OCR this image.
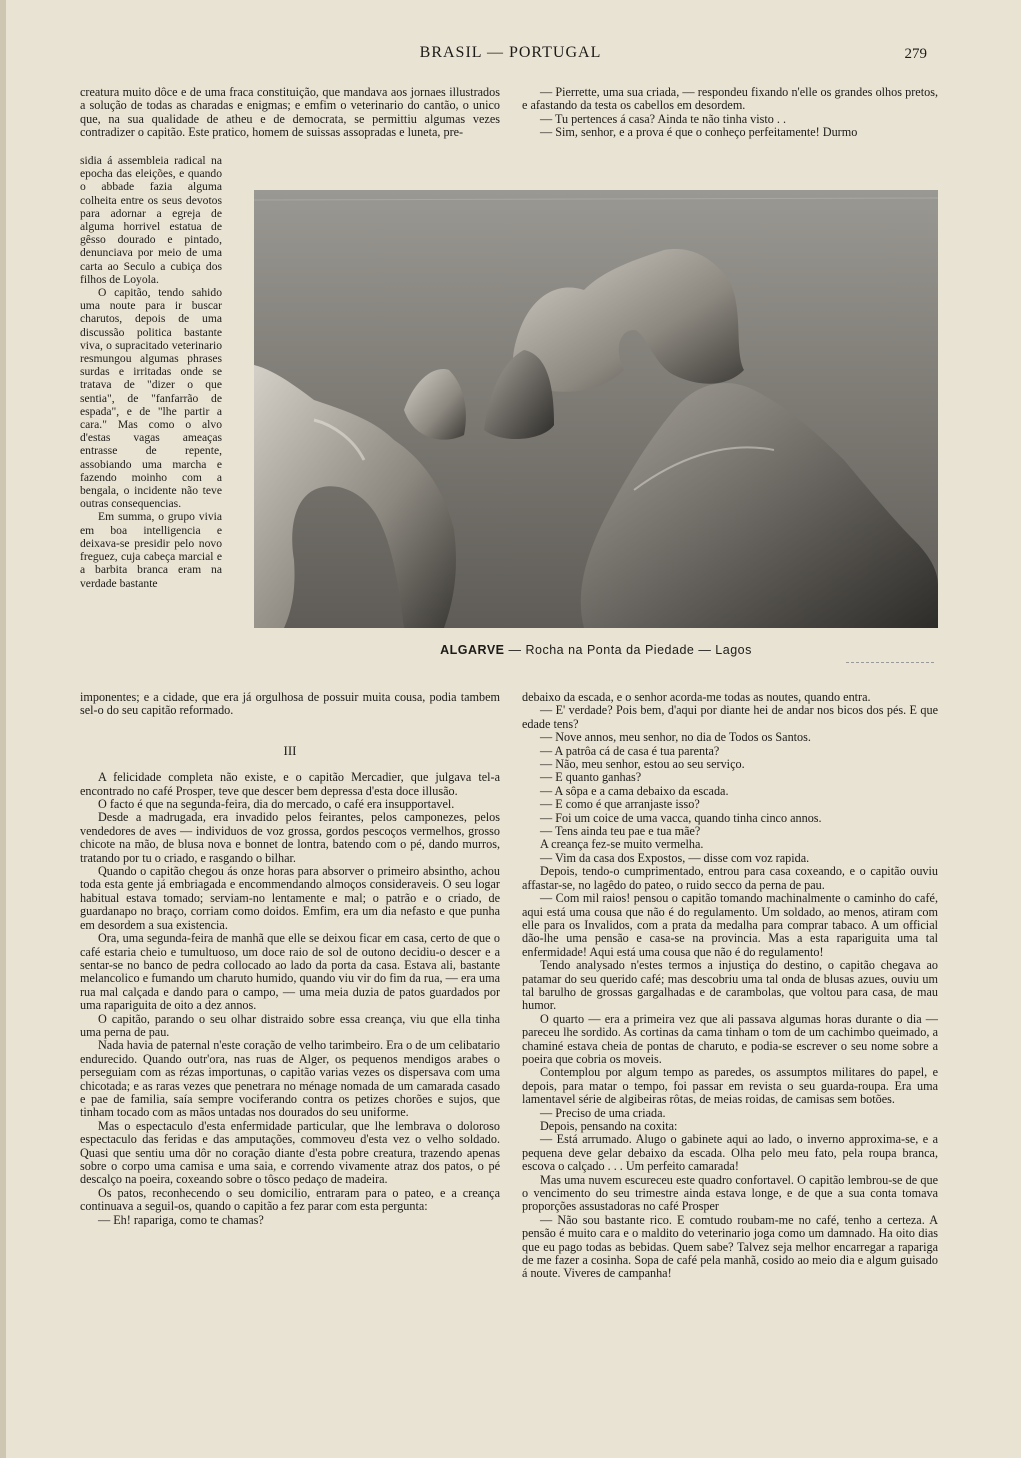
BRASIL — PORTUGAL	279

creatura muito dôce e de uma fraca constituição, que mandava aos jornaes illustrados a solução de todas as charadas e enigmas; e emfim o veterinario do cantão, o unico que, na sua qualidade de atheu e de democrata, se permittiu algumas vezes contradizer o capitão. Este pratico, homem de suissas assopradas e luneta, pre-

sidia á assembleia radical na epocha das eleições, e quando o abbade fazia alguma colheita entre os seus devotos para adornar a egreja de alguma horrivel estatua de gêsso dourado e pintado, denunciava por meio de uma carta ao Seculo a cubiça dos filhos de Loyola.

O capitão, tendo sahido uma noute para ir buscar charutos, depois de uma discussão politica bastante viva, o supracitado veterinario resmungou algumas phrases surdas e irritadas onde se tratava de "dizer o que sentia", de "fanfarrão de espada", e de "lhe partir a cara." Mas como o alvo d'estas vagas ameaças entrasse de repente, assobiando uma marcha e fazendo moinho com a bengala, o incidente não teve outras consequencias.

Em summa, o grupo vivia em boa intelligencia e deixava-se presidir pelo novo freguez, cuja cabeça marcial e a barbita branca eram na verdade bastante

imponentes; e a cidade, que era já orgulhosa de possuir muita cousa, podia tambem sel-o do seu capitão reformado.

III

A felicidade completa não existe, e o capitão Mercadier, que julgava tel-a encontrado no café Prosper, teve que descer bem depressa d'esta doce illusão.

O facto é que na segunda-feira, dia do mercado, o café era insupportavel.

Desde a madrugada, era invadido pelos feirantes, pelos camponezes, pelos vendedores de aves — individuos de voz grossa, gordos pescoços vermelhos, grosso chicote na mão, de blusa nova e bonnet de lontra, batendo com o pé, dando murros, tratando por tu o criado, e rasgando o bilhar.

Quando o capitão chegou ás onze horas para absorver o primeiro absintho, achou toda esta gente já embriagada e encommendando almoços consideraveis. O seu logar habitual estava tomado; serviam-no lentamente e mal; o patrão e o criado, de guardanapo no braço, corriam como doidos. Emfim, era um dia nefasto e que punha em desordem a sua existencia.

Ora, uma segunda-feira de manhã que elle se deixou ficar em casa, certo de que o café estaria cheio e tumultuoso, um doce raio de sol de outono decidiu-o descer e a sentar-se no banco de pedra collocado ao lado da porta da casa. Estava ali, bastante melancolico e fumando um charuto humido, quando viu vir do fim da rua, — era uma rua mal calçada e dando para o campo, — uma meia duzia de patos guardados por uma rapariguita de oito a dez annos.

O capitão, parando o seu olhar distraido sobre essa creança, viu que ella tinha uma perna de pau.

Nada havia de paternal n'este coração de velho tarimbeiro. Era o de um celibatario endurecido. Quando outr'ora, nas ruas de Alger, os pequenos mendigos arabes o perseguiam com as rézas importunas, o capitão varias vezes os dispersava com uma chicotada; e as raras vezes que penetrara no ménage nomada de um camarada casado e pae de familia, saía sempre vociferando contra os petizes chorões e sujos, que tinham tocado com as mãos untadas nos dourados do seu uniforme.

Mas o espectaculo d'esta enfermidade particular, que lhe lembrava o doloroso espectaculo das feridas e das amputações, commoveu d'esta vez o velho soldado. Quasi que sentiu uma dôr no coração diante d'esta pobre creatura, trazendo apenas sobre o corpo uma camisa e uma saia, e correndo vivamente atraz dos patos, o pé descalço na poeira, coxeando sobre o tôsco pedaço de madeira.

Os patos, reconhecendo o seu domicilio, entraram para o pateo, e a creança continuava a seguil-os, quando o capitão a fez parar com esta pergunta:

— Eh! rapariga, como te chamas?

— Pierrette, uma sua criada, — respondeu fixando n'elle os grandes olhos pretos, e afastando da testa os cabellos em desordem.

— Tu pertences á casa? Ainda te não tinha visto . .

— Sim, senhor, e a prova é que o conheço perfeitamente! Durmo

ALGARVE — Rocha na Ponta da Piedade — Lagos

debaixo da escada, e o senhor acorda-me todas as noutes, quando entra.

— E' verdade? Pois bem, d'aqui por diante hei de andar nos bicos dos pés. E que edade tens?

— Nove annos, meu senhor, no dia de Todos os Santos.

— A patrôa cá de casa é tua parenta?

— Não, meu senhor, estou ao seu serviço.

— E quanto ganhas?

— A sôpa e a cama debaixo da escada.

— E como é que arranjaste isso?

— Foi um coice de uma vacca, quando tinha cinco annos.

— Tens ainda teu pae e tua mãe?

A creança fez-se muito vermelha.

— Vim da casa dos Expostos, — disse com voz rapida.

Depois, tendo-o cumprimentado, entrou para casa coxeando, e o capitão ouviu affastar-se, no lagêdo do pateo, o ruido secco da perna de pau.

— Com mil raios! pensou o capitão tomando machinalmente o caminho do café, aqui está uma cousa que não é do regulamento. Um soldado, ao menos, atiram com elle para os Invalidos, com a prata da medalha para comprar tabaco. A um official dão-lhe uma pensão e casa-se na provincia. Mas a esta rapariguita uma tal enfermidade! Aqui está uma cousa que não é do regulamento!

Tendo analysado n'estes termos a injustiça do destino, o capitão chegava ao patamar do seu querido café; mas descobriu uma tal onda de blusas azues, ouviu um tal barulho de grossas gargalhadas e de carambolas, que voltou para casa, de mau humor.

O quarto — era a primeira vez que ali passava algumas horas durante o dia — pareceu lhe sordido. As cortinas da cama tinham o tom de um cachimbo queimado, a chaminé estava cheia de pontas de charuto, e podia-se escrever o seu nome sobre a poeira que cobria os moveis.

Contemplou por algum tempo as paredes, os assumptos militares do papel, e depois, para matar o tempo, foi passar em revista o seu guarda-roupa. Era uma lamentavel série de algibeiras rôtas, de meias roidas, de camisas sem botões.

— Preciso de uma criada.

Depois, pensando na coxita:

— Está arrumado. Alugo o gabinete aqui ao lado, o inverno approxima-se, e a pequena deve gelar debaixo da escada. Olha pelo meu fato, pela roupa branca, escova o calçado . . . Um perfeito camarada!

Mas uma nuvem escureceu este quadro confortavel. O capitão lembrou-se de que o vencimento do seu trimestre ainda estava longe, e de que a sua conta tomava proporções assustadoras no café Prosper

— Não sou bastante rico. E comtudo roubam-me no café, tenho a certeza. A pensão é muito cara e o maldito do veterinario joga como um damnado. Ha oito dias que eu pago todas as bebidas. Quem sabe? Talvez seja melhor encarregar a rapariga de me fazer a cosinha. Sopa de café pela manhã, cosido ao meio dia e algum guisado á noute. Viveres de campanha!
